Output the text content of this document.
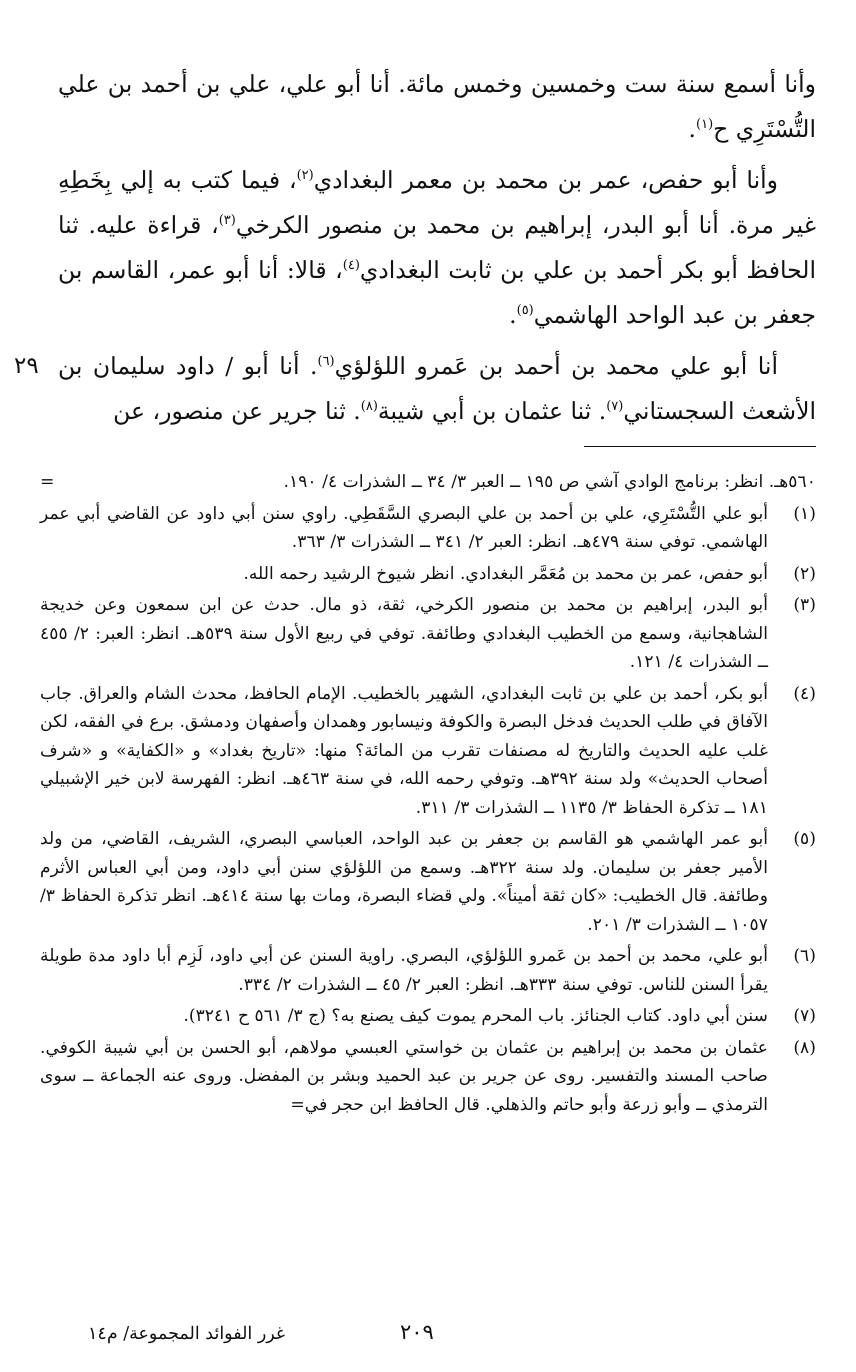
وأنا أسمع سنة ست وخمسين وخمس مائة. أنا أبو علي، علي بن أحمد بن علي التُّسْتَرِي ح$^{(١)}$.

وأنا أبو حفص، عمر بن محمد بن معمر البغدادي$^{(٢)}$، فيما كتب به إلي بِخَطِهِ غير مرة. أنا أبو البدر، إبراهيم بن محمد بن منصور الكرخي$^{(٣)}$، قراءة عليه. ثنا الحافظ أبو بكر أحمد بن علي بن ثابت البغدادي$^{(٤)}$، قالا: أنا أبو عمر، القاسم بن جعفر بن عبد الواحد الهاشمي$^{(٥)}$.

٢٩	أنا أبو علي محمد بن أحمد بن عَمرو اللؤلؤي$^{(٦)}$. أنا أبو / داود سليمان بن الأشعث السجستاني$^{(٧)}$. ثنا عثمان بن أبي شيبة$^{(٨)}$. ثنا جرير عن منصور، عن

٥٦٠هـ. انظر: برنامج الوادي آشي ص ١٩٥ ــ العبر ٣/ ٣٤ ــ الشذرات ٤/ ١٩٠.
=
(١)
أبو علي التُّسْتَرِي، علي بن أحمد بن علي البصري السَّقَطِي. راوي سنن أبي داود عن القاضي أبي عمر الهاشمي. توفي سنة ٤٧٩هـ. انظر: العبر ٢/ ٣٤١ ــ الشذرات ٣/ ٣٦٣.
(٢)
أبو حفص، عمر بن محمد بن مُعَمَّر البغدادي. انظر شيوخ الرشيد رحمه الله.
(٣)
أبو البدر، إبراهيم بن محمد بن منصور الكرخي، ثقة، ذو مال. حدث عن ابن سمعون وعن خديجة الشاهجانية، وسمع من الخطيب البغدادي وطائفة. توفي في ربيع الأول سنة ٥٣٩هـ. انظر: العبر: ٢/ ٤٥٥ ــ الشذرات ٤/ ١٢١.
(٤)
أبو بكر، أحمد بن علي بن ثابت البغدادي، الشهير بالخطيب. الإمام الحافظ، محدث الشام والعراق. جاب الآفاق في طلب الحديث فدخل البصرة والكوفة ونيسابور وهمدان وأصفهان ودمشق. برع في الفقه، لكن غلب عليه الحديث والتاريخ له مصنفات تقرب من المائة؟ منها: «تاريخ بغداد» و «الكفاية» و «شرف أصحاب الحديث» ولد سنة ٣٩٢هـ. وتوفي رحمه الله، في سنة ٤٦٣هـ. انظر: الفهرسة لابن خير الإشبيلي ١٨١ ــ تذكرة الحفاظ ٣/ ١١٣٥ ــ الشذرات ٣/ ٣١١.
(٥)
أبو عمر الهاشمي هو القاسم بن جعفر بن عبد الواحد، العباسي البصري، الشريف، القاضي، من ولد الأمير جعفر بن سليمان. ولد سنة ٣٢٢هـ. وسمع من اللؤلؤي سنن أبي داود، ومن أبي العباس الأثرم وطائفة. قال الخطيب: «كان ثقة أميناً». ولي قضاء البصرة، ومات بها سنة ٤١٤هـ. انظر تذكرة الحفاظ ٣/ ١٠٥٧ ــ الشذرات ٣/ ٢٠١.
(٦)
أبو علي، محمد بن أحمد بن عَمرو اللؤلؤي، البصري. راوية السنن عن أبي داود، لَزِم أبا داود مدة طويلة يقرأ السنن للناس. توفي سنة ٣٣٣هـ. انظر: العبر ٢/ ٤٥ ــ الشذرات ٢/ ٣٣٤.
(٧)
سنن أبي داود. كتاب الجنائز. باب المحرم يموت كيف يصنع به؟ (ج ٣/ ٥٦١ ح ٣٢٤١).
(٨)
عثمان بن محمد بن إبراهيم بن عثمان بن خواستي العبسي مولاهم، أبو الحسن بن أبي شيبة الكوفي. صاحب المسند والتفسير. روى عن جرير بن عبد الحميد وبشر بن المفضل. وروى عنه الجماعة ــ سوى الترمذي ــ وأبو زرعة وأبو حاتم والذهلي. قال الحافظ ابن حجر في=
٢٠٩
غرر الفوائد المجموعة/ م١٤
